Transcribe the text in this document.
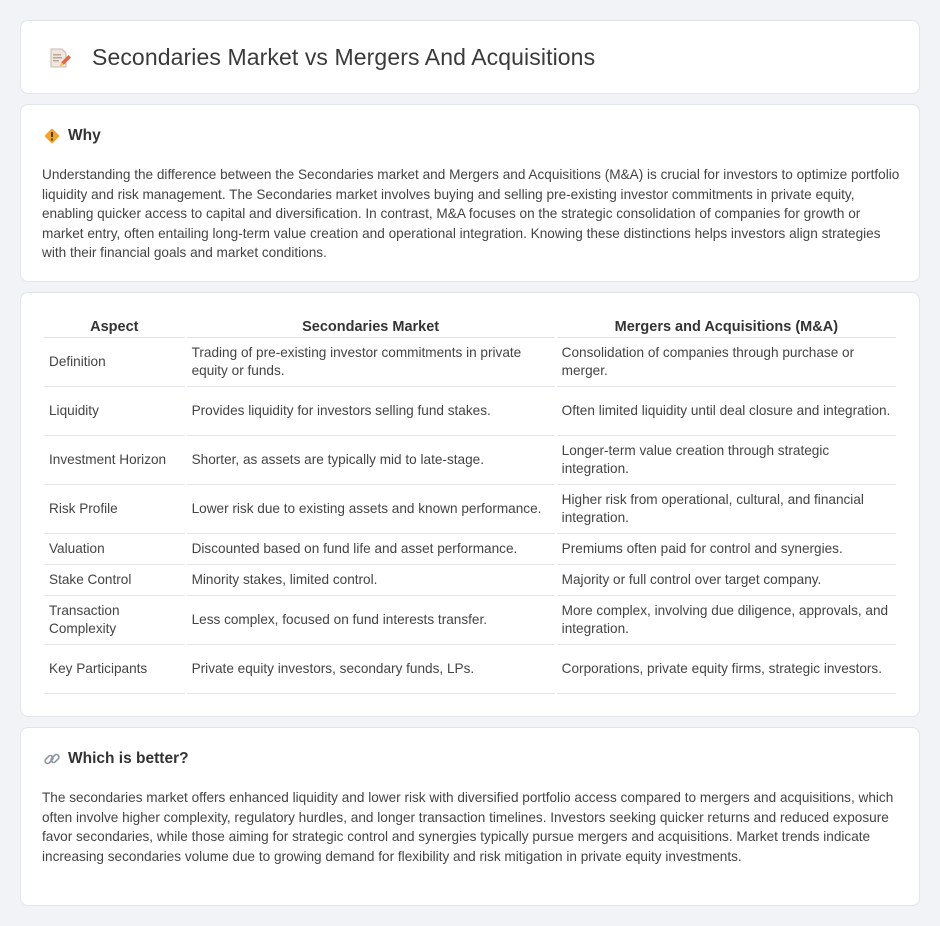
Secondaries Market vs Mergers And Acquisitions
Why

Understanding the difference between the Secondaries market and Mergers and Acquisitions (M&A) is crucial for investors to optimize portfolio liquidity and risk management. The Secondaries market involves buying and selling pre-existing investor commitments in private equity, enabling quicker access to capital and diversification. In contrast, M&A focuses on the strategic consolidation of companies for growth or market entry, often entailing long-term value creation and operational integration. Knowing these distinctions helps investors align strategies with their financial goals and market conditions.

Aspect	Secondaries Market	Mergers and Acquisitions (M&A)
Definition	Trading of pre-existing investor commitments in private equity or funds.	Consolidation of companies through purchase or merger.
Liquidity	Provides liquidity for investors selling fund stakes.	Often limited liquidity until deal closure and integration.
Investment Horizon	Shorter, as assets are typically mid to late-stage.	Longer-term value creation through strategic integration.
Risk Profile	Lower risk due to existing assets and known performance.	Higher risk from operational, cultural, and financial integration.
Valuation	Discounted based on fund life and asset performance.	Premiums often paid for control and synergies.
Stake Control	Minority stakes, limited control.	Majority or full control over target company.
Transaction Complexity	Less complex, focused on fund interests transfer.	More complex, involving due diligence, approvals, and integration.
Key Participants	Private equity investors, secondary funds, LPs.	Corporations, private equity firms, strategic investors.
Which is better?

The secondaries market offers enhanced liquidity and lower risk with diversified portfolio access compared to mergers and acquisitions, which often involve higher complexity, regulatory hurdles, and longer transaction timelines. Investors seeking quicker returns and reduced exposure favor secondaries, while those aiming for strategic control and synergies typically pursue mergers and acquisitions. Market trends indicate increasing secondaries volume due to growing demand for flexibility and risk mitigation in private equity investments.
